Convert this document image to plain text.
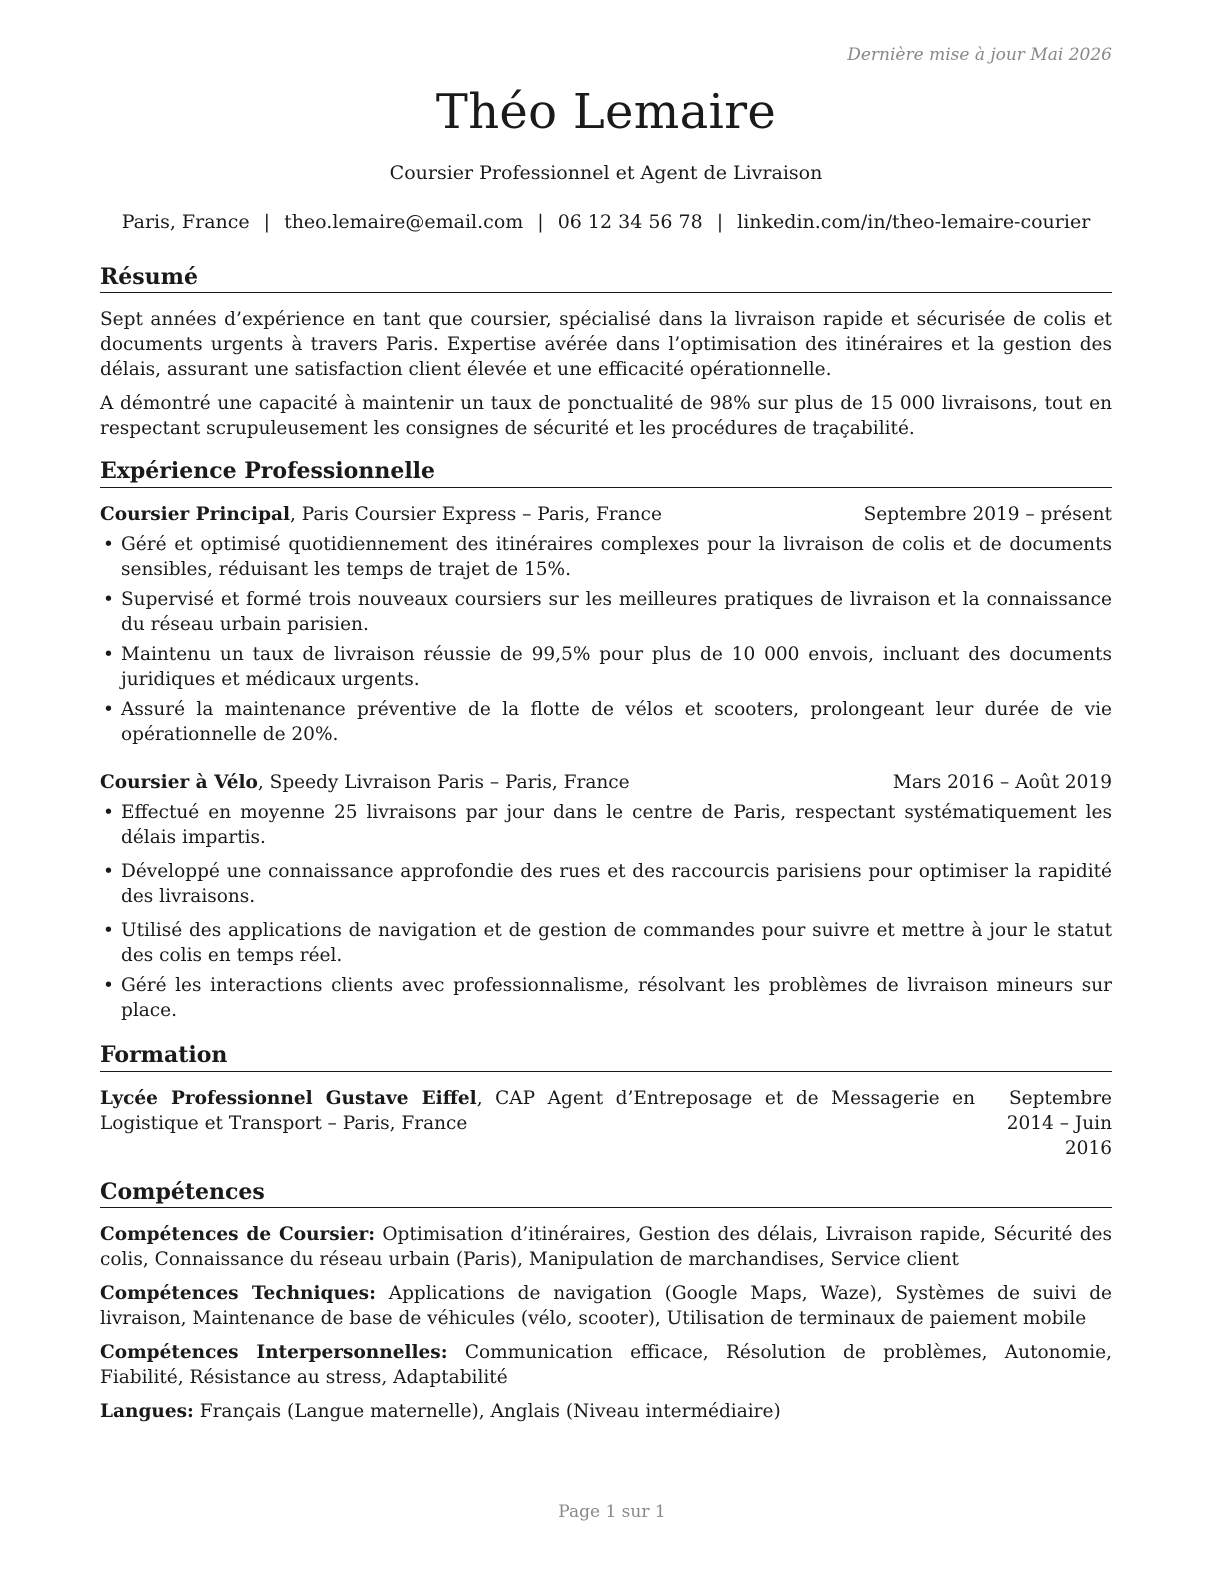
Dernière mise à jour Mai 2026
Théo Lemaire
Coursier Professionnel et Agent de Livraison
Paris, France | theo.lemaire@email.com | 06 12 34 56 78 | linkedin.com/in/theo-lemaire-courier
Résumé

Sept années d’expérience en tant que coursier, spécialisé dans la livraison rapide et sécurisée de colis et documents urgents à travers Paris. Expertise avérée dans l’optimisation des itinéraires et la gestion des délais, assurant une satisfaction client élevée et une efficacité opérationnelle.

A démontré une capacité à maintenir un taux de ponctualité de 98% sur plus de 15 000 livraisons, tout en respectant scrupuleusement les consignes de sécurité et les procédures de traçabilité.

Expérience Professionnelle
Coursier Principal, Paris Coursier Express – Paris, France	Septembre 2019 – présent
• Géré et optimisé quotidiennement des itinéraires complexes pour la livraison de colis et de documents sensibles, réduisant les temps de trajet de 15%.
• Supervisé et formé trois nouveaux coursiers sur les meilleures pratiques de livraison et la connaissance du réseau urbain parisien.
• Maintenu un taux de livraison réussie de 99,5% pour plus de 10 000 envois, incluant des documents juridiques et médicaux urgents.
• Assuré la maintenance préventive de la flotte de vélos et scooters, prolongeant leur durée de vie opérationnelle de 20%.
Coursier à Vélo, Speedy Livraison Paris – Paris, France	Mars 2016 – Août 2019
• Effectué en moyenne 25 livraisons par jour dans le centre de Paris, respectant systématiquement les délais impartis.
• Développé une connaissance approfondie des rues et des raccourcis parisiens pour optimiser la rapidité des livraisons.
• Utilisé des applications de navigation et de gestion de commandes pour suivre et mettre à jour le statut des colis en temps réel.
• Géré les interactions clients avec professionnalisme, résolvant les problèmes de livraison mineurs sur place.
Formation
Lycée Professionnel Gustave Eiffel, CAP Agent d’Entreposage et de Messagerie en Logistique et Transport – Paris, France
Septembre 2014 – Juin 2016
Compétences
Compétences de Coursier: Optimisation d’itinéraires, Gestion des délais, Livraison rapide, Sécurité des colis, Connaissance du réseau urbain (Paris), Manipulation de marchandises, Service client
Compétences Techniques: Applications de navigation (Google Maps, Waze), Systèmes de suivi de livraison, Maintenance de base de véhicules (vélo, scooter), Utilisation de terminaux de paiement mobile
Compétences Interpersonnelles: Communication efficace, Résolution de problèmes, Autonomie, Fiabilité, Résistance au stress, Adaptabilité
Langues: Français (Langue maternelle), Anglais (Niveau intermédiaire)
Page 1 sur 1
